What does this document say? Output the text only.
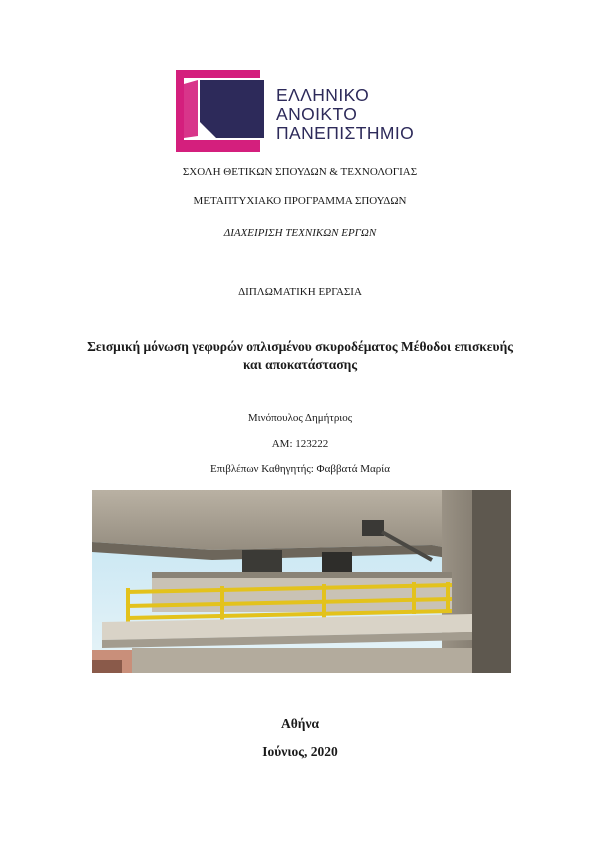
ΕΛΛΗΝΙΚΟ
ΑΝΟΙΚΤΟ
ΠΑΝΕΠΙΣΤΗΜΙΟ
ΣΧΟΛΗ ΘΕΤΙΚΩΝ ΣΠΟΥΔΩΝ & ΤΕΧΝΟΛΟΓΙΑΣ
ΜΕΤΑΠΤΥΧΙΑΚΟ ΠΡΟΓΡΑΜΜΑ ΣΠΟΥΔΩΝ
ΔΙΑΧΕΙΡΙΣΗ ΤΕΧΝΙΚΩΝ ΕΡΓΩΝ
ΔΙΠΛΩΜΑΤΙΚΗ ΕΡΓΑΣΙΑ
Σεισμική μόνωση γεφυρών οπλισμένου σκυροδέματος Μέθοδοι επισκευής
και αποκατάστασης
Μινόπουλος Δημήτριος
ΑΜ: 123222
Επιβλέπων Καθηγητής: Φαββατά Μαρία
Αθήνα
Ιούνιος, 2020
